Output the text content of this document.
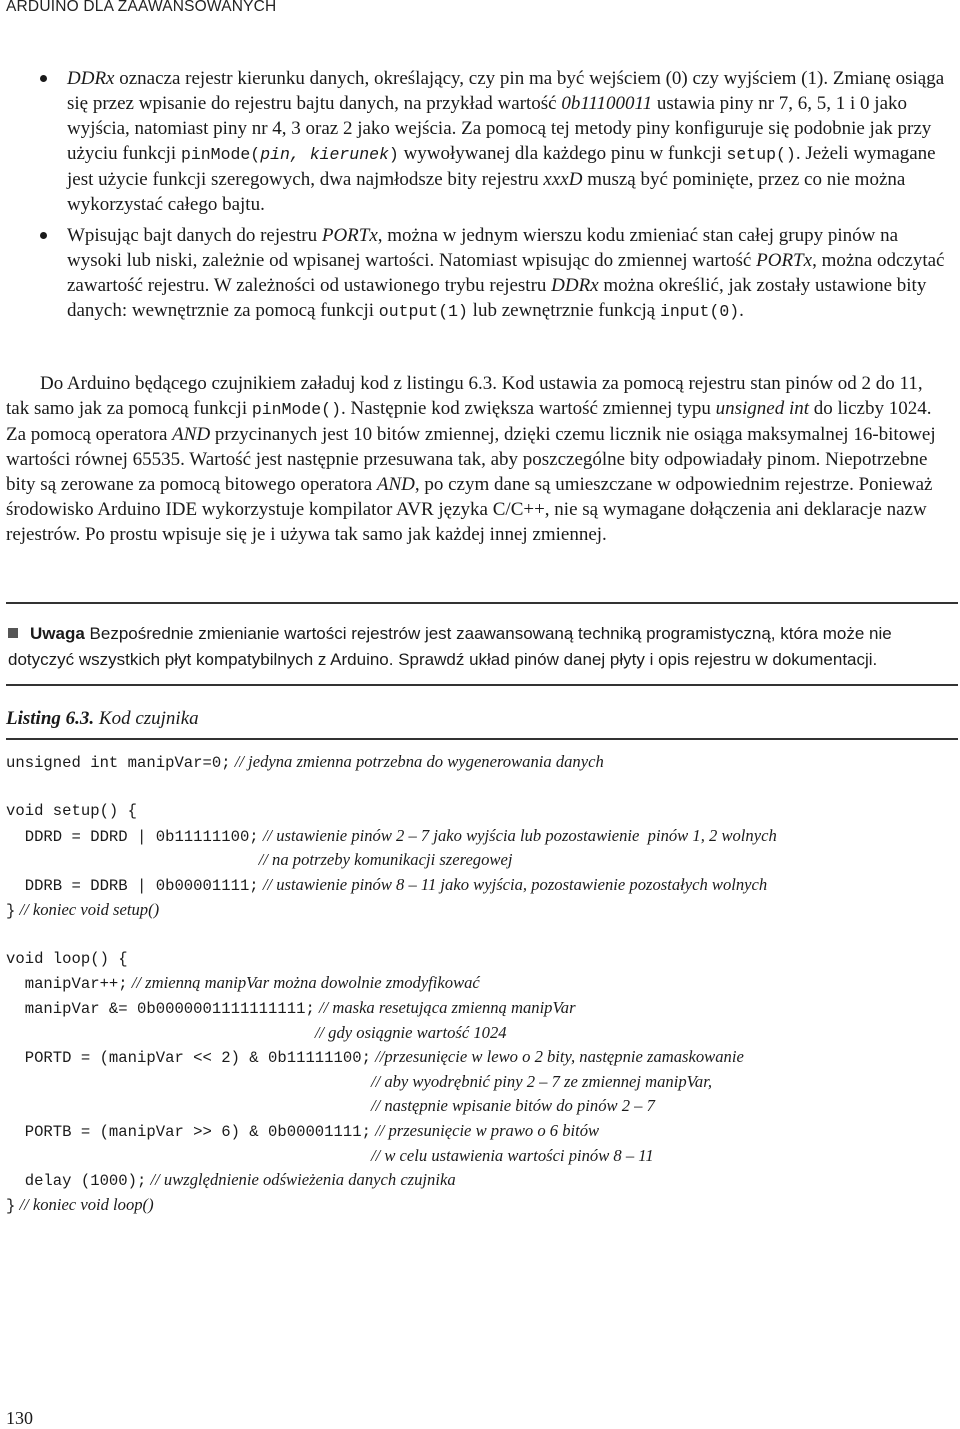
ARDUINO DLA ZAAWANSOWANYCH
DDRx oznacza rejestr kierunku danych, określający, czy pin ma być wejściem (0) czy wyjściem (1). Zmianę osiąga się przez wpisanie do rejestru bajtu danych, na przykład wartość 0b11100011 ustawia piny nr 7, 6, 5, 1 i 0 jako wyjścia, natomiast piny nr 4, 3 oraz 2 jako wejścia. Za pomocą tej metody piny konfiguruje się podobnie jak przy użyciu funkcji pinMode(pin, kierunek) wywoływanej dla każdego pinu w funkcji setup(). Jeżeli wymagane jest użycie funkcji szeregowych, dwa najmłodsze bity rejestru xxxD muszą być pominięte, przez co nie można wykorzystać całego bajtu.
Wpisując bajt danych do rejestru PORTx, można w jednym wierszu kodu zmieniać stan całej grupy pinów na wysoki lub niski, zależnie od wpisanej wartości. Natomiast wpisując do zmiennej wartość PORTx, można odczytać zawartość rejestru. W zależności od ustawionego trybu rejestru DDRx można określić, jak zostały ustawione bity danych: wewnętrznie za pomocą funkcji output(1) lub zewnętrznie funkcją input(0).
Do Arduino będącego czujnikiem załaduj kod z listingu 6.3. Kod ustawia za pomocą rejestru stan pinów od 2 do 11, tak samo jak za pomocą funkcji pinMode(). Następnie kod zwiększa wartość zmiennej typu unsigned int do liczby 1024. Za pomocą operatora AND przycinanych jest 10 bitów zmiennej, dzięki czemu licznik nie osiąga maksymalnej 16-bitowej wartości równej 65535. Wartość jest następnie przesuwana tak, aby poszczególne bity odpowiadały pinom. Niepotrzebne bity są zerowane za pomocą bitowego operatora AND, po czym dane są umieszczane w odpowiednim rejestrze. Ponieważ środowisko Arduino IDE wykorzystuje kompilator AVR języka C/C++, nie są wymagane dołączenia ani deklaracje nazw rejestrów. Po prostu wpisuje się je i używa tak samo jak każdej innej zmiennej.
Uwaga Bezpośrednie zmienianie wartości rejestrów jest zaawansowaną techniką programistyczną, która może nie dotyczyć wszystkich płyt kompatybilnych z Arduino. Sprawdź układ pinów danej płyty i opis rejestru w dokumentacji.
Listing 6.3. Kod czujnika
unsigned int manipVar=0; // jedyna zmienna potrzebna do wygenerowania danych
void setup() {
DDRD = DDRD | 0b11111100; // ustawienie pinów 2 – 7 jako wyjścia lub pozostawienie  pinów 1, 2 wolnych
// na potrzeby komunikacji szeregowej
DDRB = DDRB | 0b00001111; // ustawienie pinów 8 – 11 jako wyjścia, pozostawienie pozostałych wolnych
} // koniec void setup()
void loop() {
manipVar++; // zmienną manipVar można dowolnie zmodyfikować
manipVar &= 0b0000001111111111; // maska resetująca zmienną manipVar
// gdy osiągnie wartość 1024
PORTD = (manipVar << 2) & 0b11111100; //przesunięcie w lewo o 2 bity, następnie zamaskowanie
// aby wyodrębnić piny 2 – 7 ze zmiennej manipVar,
// następnie wpisanie bitów do pinów 2 – 7
PORTB = (manipVar >> 6) & 0b00001111; // przesunięcie w prawo o 6 bitów
// w celu ustawienia wartości pinów 8 – 11
delay (1000); // uwzględnienie odświeżenia danych czujnika
} // koniec void loop()
130
